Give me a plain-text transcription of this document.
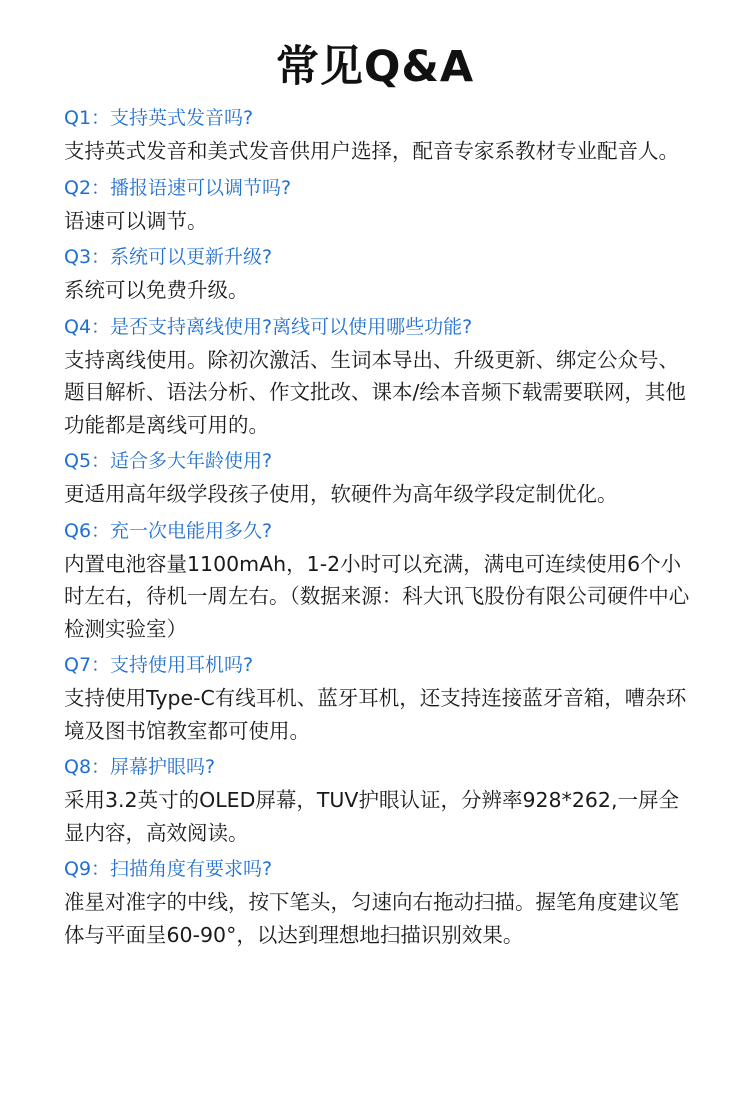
常见Q&A
Q1：支持英式发音吗?
支持英式发音和美式发音供用户选择，配音专家系教材专业配音人。
Q2：播报语速可以调节吗?
语速可以调节。
Q3：系统可以更新升级?
系统可以免费升级。
Q4：是否支持离线使用?离线可以使用哪些功能?
支持离线使用。除初次激活、生词本导出、升级更新、绑定公众号、题目解析、语法分析、作文批改、课本/绘本音频下载需要联网，其他功能都是离线可用的。
Q5：适合多大年龄使用?
更适用高年级学段孩子使用，软硬件为高年级学段定制优化。
Q6：充一次电能用多久?
内置电池容量1100mAh，1-2小时可以充满，满电可连续使用6个小时左右，待机一周左右。（数据来源：科大讯飞股份有限公司硬件中心检测实验室）
Q7：支持使用耳机吗?
支持使用Type-C有线耳机、蓝牙耳机，还支持连接蓝牙音箱，嘈杂环境及图书馆教室都可使用。
Q8：屏幕护眼吗?
采用3.2英寸的OLED屏幕，TUV护眼认证，分辨率928*262,一屏全显内容，高效阅读。
Q9：扫描角度有要求吗?
准星对准字的中线，按下笔头，匀速向右拖动扫描。握笔角度建议笔体与平面呈60-90°，以达到理想地扫描识别效果。
